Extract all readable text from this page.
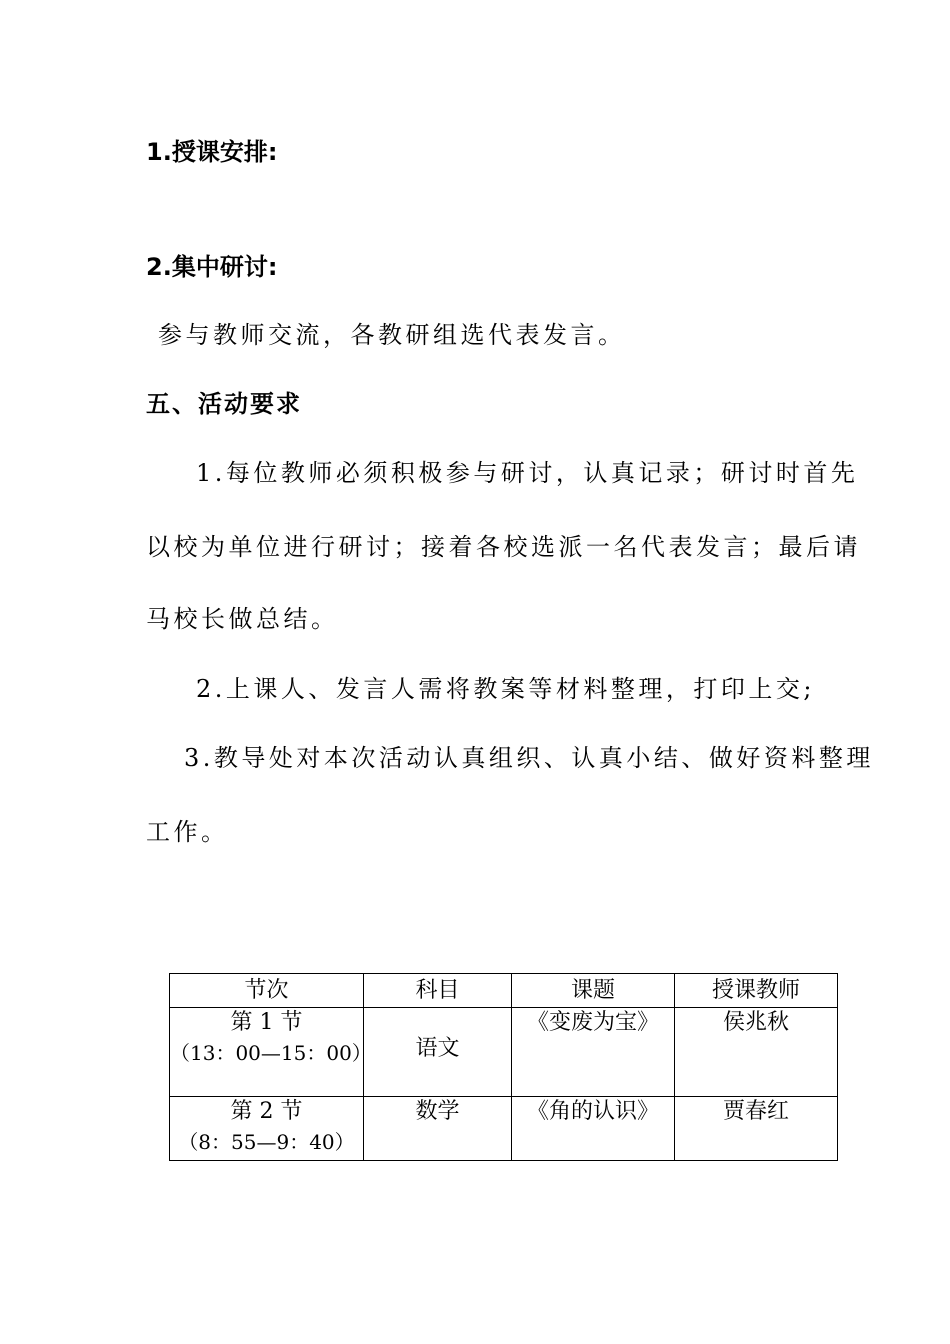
1.授课安排:
2.集中研讨:
参与教师交流，各教研组选代表发言。
五、活动要求
1.每位教师必须积极参与研讨，认真记录；研讨时首先
以校为单位进行研讨；接着各校选派一名代表发言；最后请
马校长做总结。
2.上课人、发言人需将教案等材料整理，打印上交;
3.教导处对本次活动认真组织、认真小结、做好资料整理
工作。
节次	科目	课题	授课教师

第 1 节
（13：00—15：00）	语文	《变废为宝》	侯兆秋

第 2 节
（8：55—9：40）	数学	《角的认识》	贾春红
